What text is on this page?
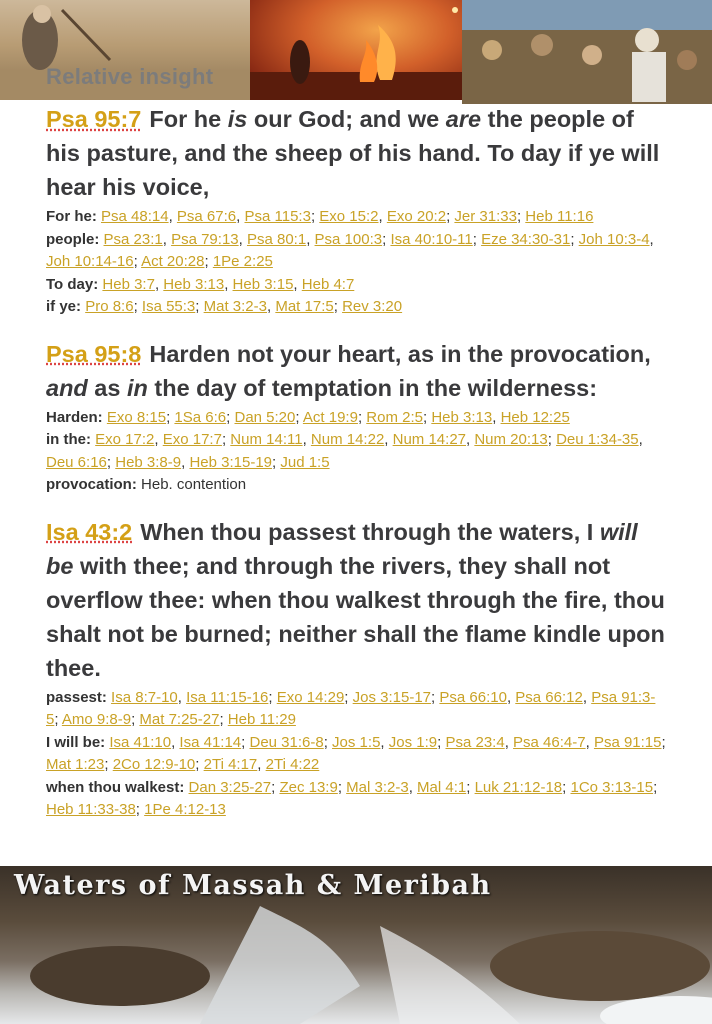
Relative insight
Psa 95:7 For he is our God; and we are the people of his pasture, and the sheep of his hand. To day if ye will hear his voice,
For he: Psa 48:14, Psa 67:6, Psa 115:3; Exo 15:2, Exo 20:2; Jer 31:33; Heb 11:16
people: Psa 23:1, Psa 79:13, Psa 80:1, Psa 100:3; Isa 40:10-11; Eze 34:30-31; Joh 10:3-4, Joh 10:14-16; Act 20:28; 1Pe 2:25
To day: Heb 3:7, Heb 3:13, Heb 3:15, Heb 4:7
if ye: Pro 8:6; Isa 55:3; Mat 3:2-3, Mat 17:5; Rev 3:20
Psa 95:8 Harden not your heart, as in the provocation, and as in the day of temptation in the wilderness:
Harden: Exo 8:15; 1Sa 6:6; Dan 5:20; Act 19:9; Rom 2:5; Heb 3:13, Heb 12:25
in the: Exo 17:2, Exo 17:7; Num 14:11, Num 14:22, Num 14:27, Num 20:13; Deu 1:34-35, Deu 6:16; Heb 3:8-9, Heb 3:15-19; Jud 1:5
provocation: Heb. contention
Isa 43:2 When thou passest through the waters, I will be with thee; and through the rivers, they shall not overflow thee: when thou walkest through the fire, thou shalt not be burned; neither shall the flame kindle upon thee.
passest: Isa 8:7-10, Isa 11:15-16; Exo 14:29; Jos 3:15-17; Psa 66:10, Psa 66:12, Psa 91:3-5; Amo 9:8-9; Mat 7:25-27; Heb 11:29
I will be: Isa 41:10, Isa 41:14; Deu 31:6-8; Jos 1:5, Jos 1:9; Psa 23:4, Psa 46:4-7, Psa 91:15; Mat 1:23; 2Co 12:9-10; 2Ti 4:17, 2Ti 4:22
when thou walkest: Dan 3:25-27; Zec 13:9; Mal 3:2-3, Mal 4:1; Luk 21:12-18; 1Co 3:13-15; Heb 11:33-38; 1Pe 4:12-13
Waters of Massah & Meribah
